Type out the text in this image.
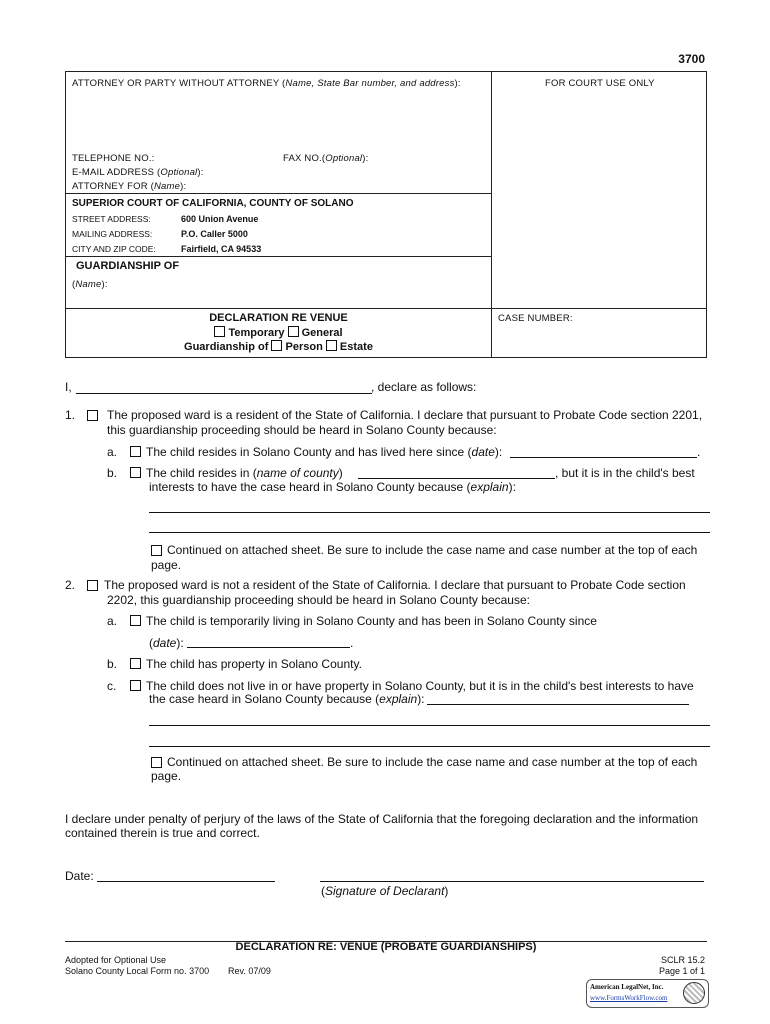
3700
ATTORNEY OR PARTY WITHOUT ATTORNEY (Name, State Bar number, and address):	FOR COURT USE ONLY
TELEPHONE NO.:	FAX NO.(Optional):
E-MAIL ADDRESS (Optional):
ATTORNEY FOR (Name):
SUPERIOR COURT OF CALIFORNIA, COUNTY OF SOLANO
STREET ADDRESS:	600 Union Avenue
MAILING ADDRESS:	P.O. Caller 5000
CITY AND ZIP CODE:	Fairfield, CA 94533
GUARDIANSHIP OF
(Name):
DECLARATION RE VENUE
Temporary General
Guardianship of Person Estate
CASE NUMBER:
I,	, declare as follows:
1.	The proposed ward is a resident of the State of California. I declare that pursuant to Probate Code section 2201,
this guardianship proceeding should be heard in Solano County because:
a. The child resides in Solano County and has lived here since (date):	.
b. The child resides in (name of county)	, but it is in the child's best
interests to have the case heard in Solano County because (explain):
Continued on attached sheet. Be sure to include the case name and case number at the top of each
page.
2. The proposed ward is not a resident of the State of California. I declare that pursuant to Probate Code section
2202, this guardianship proceeding should be heard in Solano County because:
a. The child is temporarily living in Solano County and has been in Solano County since
(date):	.
b. The child has property in Solano County.
c. The child does not live in or have property in Solano County, but it is in the child's best interests to have
the case heard in Solano County because (explain):
Continued on attached sheet. Be sure to include the case name and case number at the top of each
page.
I declare under penalty of perjury of the laws of the State of California that the foregoing declaration and the information
contained therein is true and correct.
Date:
(Signature of Declarant)
DECLARATION RE: VENUE (PROBATE GUARDIANSHIPS)
Adopted for Optional Use
Solano County Local Form no. 3700 Rev. 07/09
SCLR 15.2
Page 1 of 1
American LegalNet, Inc.
www.FormsWorkFlow.com
